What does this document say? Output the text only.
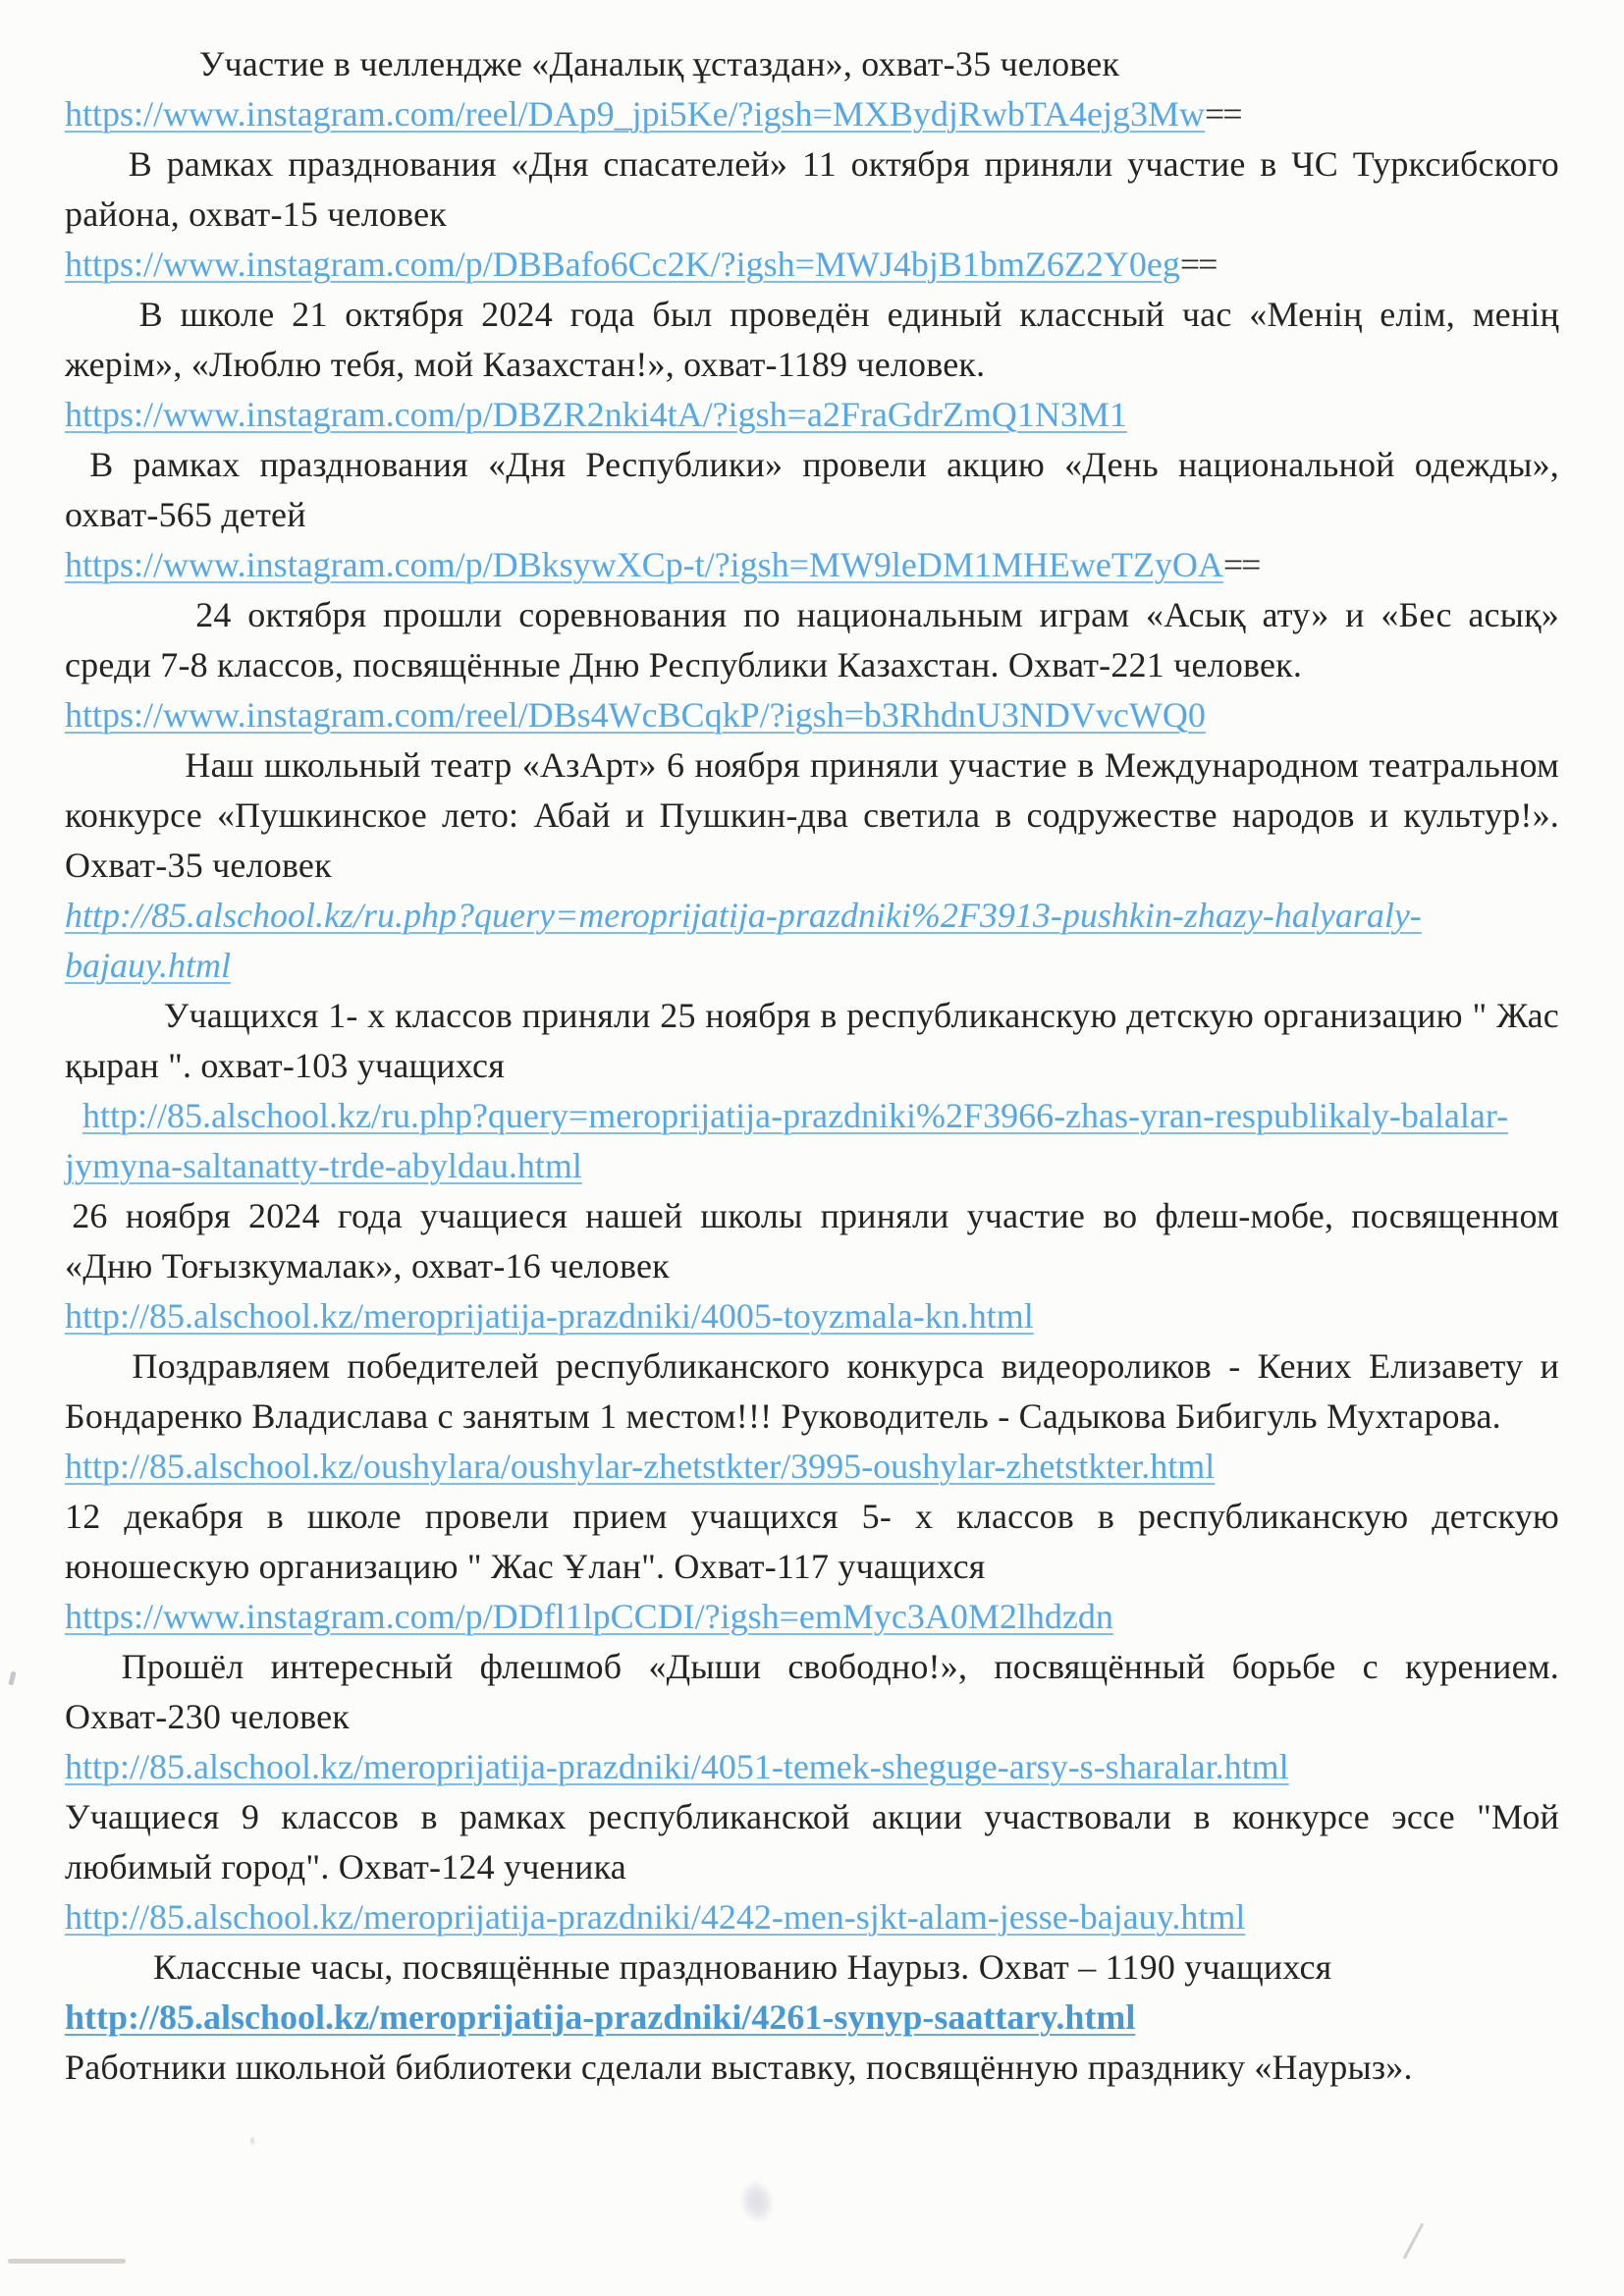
Участие в челлендже «Даналық ұстаздан», охват-35 человек

https://www.instagram.com/reel/DAp9_jpi5Ke/?igsh=MXBydjRwbTA4ejg3Mw==

В рамках празднования «Дня спасателей» 11 октября приняли участие в ЧС Турксибского района, охват-15 человек

https://www.instagram.com/p/DBBafo6Cc2K/?igsh=MWJ4bjB1bmZ6Z2Y0eg==

В школе 21 октября 2024 года был проведён единый классный час «Менің елім, менің жерім», «Люблю тебя, мой Казахстан!», охват-1189 человек.

https://www.instagram.com/p/DBZR2nki4tA/?igsh=a2FraGdrZmQ1N3M1

В рамках празднования «Дня Республики» провели акцию «День национальной одежды», охват-565 детей

https://www.instagram.com/p/DBksywXCp-t/?igsh=MW9leDM1MHEweTZyOA==

24 октября прошли соревнования по национальным играм «Асық ату» и «Бес асық» среди 7-8 классов, посвящённые Дню Республики Казахстан. Охват-221 человек.

https://www.instagram.com/reel/DBs4WcBCqkP/?igsh=b3RhdnU3NDVvcWQ0

Наш школьный театр «АзАрт» 6 ноября приняли участие в Международном театральном конкурсе «Пушкинское лето: Абай и Пушкин-два светила в содружестве народов и культур!». Охват-35 человек

http://85.alschool.kz/ru.php?query=meroprijatija-prazdniki%2F3913-pushkin-zhazy-halyaraly-bajauy.html

Учащихся 1- х классов приняли 25 ноября в республиканскую детскую организацию " Жас қыран ". охват-103 учащихся

http://85.alschool.kz/ru.php?query=meroprijatija-prazdniki%2F3966-zhas-yran-respublikaly-balalar-jymyna-saltanatty-trde-abyldau.html

26 ноября 2024 года учащиеся нашей школы приняли участие во флеш-мобе, посвященном «Дню Тоғызкумалак», охват-16 человек

http://85.alschool.kz/meroprijatija-prazdniki/4005-toyzmala-kn.html

Поздравляем победителей республиканского конкурса видеороликов - Кених Елизавету и Бондаренко Владислава с занятым 1 местом!!! Руководитель - Садыкова Бибигуль Мухтарова.

http://85.alschool.kz/oushylara/oushylar-zhetstkter/3995-oushylar-zhetstkter.html

12 декабря в школе провели прием учащихся 5- х классов в республиканскую детскую юношескую организацию " Жас Ұлан". Охват-117 учащихся

https://www.instagram.com/p/DDfl1lpCCDI/?igsh=emMyc3A0M2lhdzdn

Прошёл интересный флешмоб «Дыши свободно!», посвящённый борьбе с курением. Охват-230 человек

http://85.alschool.kz/meroprijatija-prazdniki/4051-temek-sheguge-arsy-s-sharalar.html

Учащиеся 9 классов в рамках республиканской акции участвовали в конкурсе эссе "Мой любимый город". Охват-124 ученика

http://85.alschool.kz/meroprijatija-prazdniki/4242-men-sjkt-alam-jesse-bajauy.html

Классные часы, посвящённые празднованию Наурыз. Охват – 1190 учащихся

http://85.alschool.kz/meroprijatija-prazdniki/4261-synyp-saattary.html

Работники школьной библиотеки сделали выставку, посвящённую празднику «Наурыз».
